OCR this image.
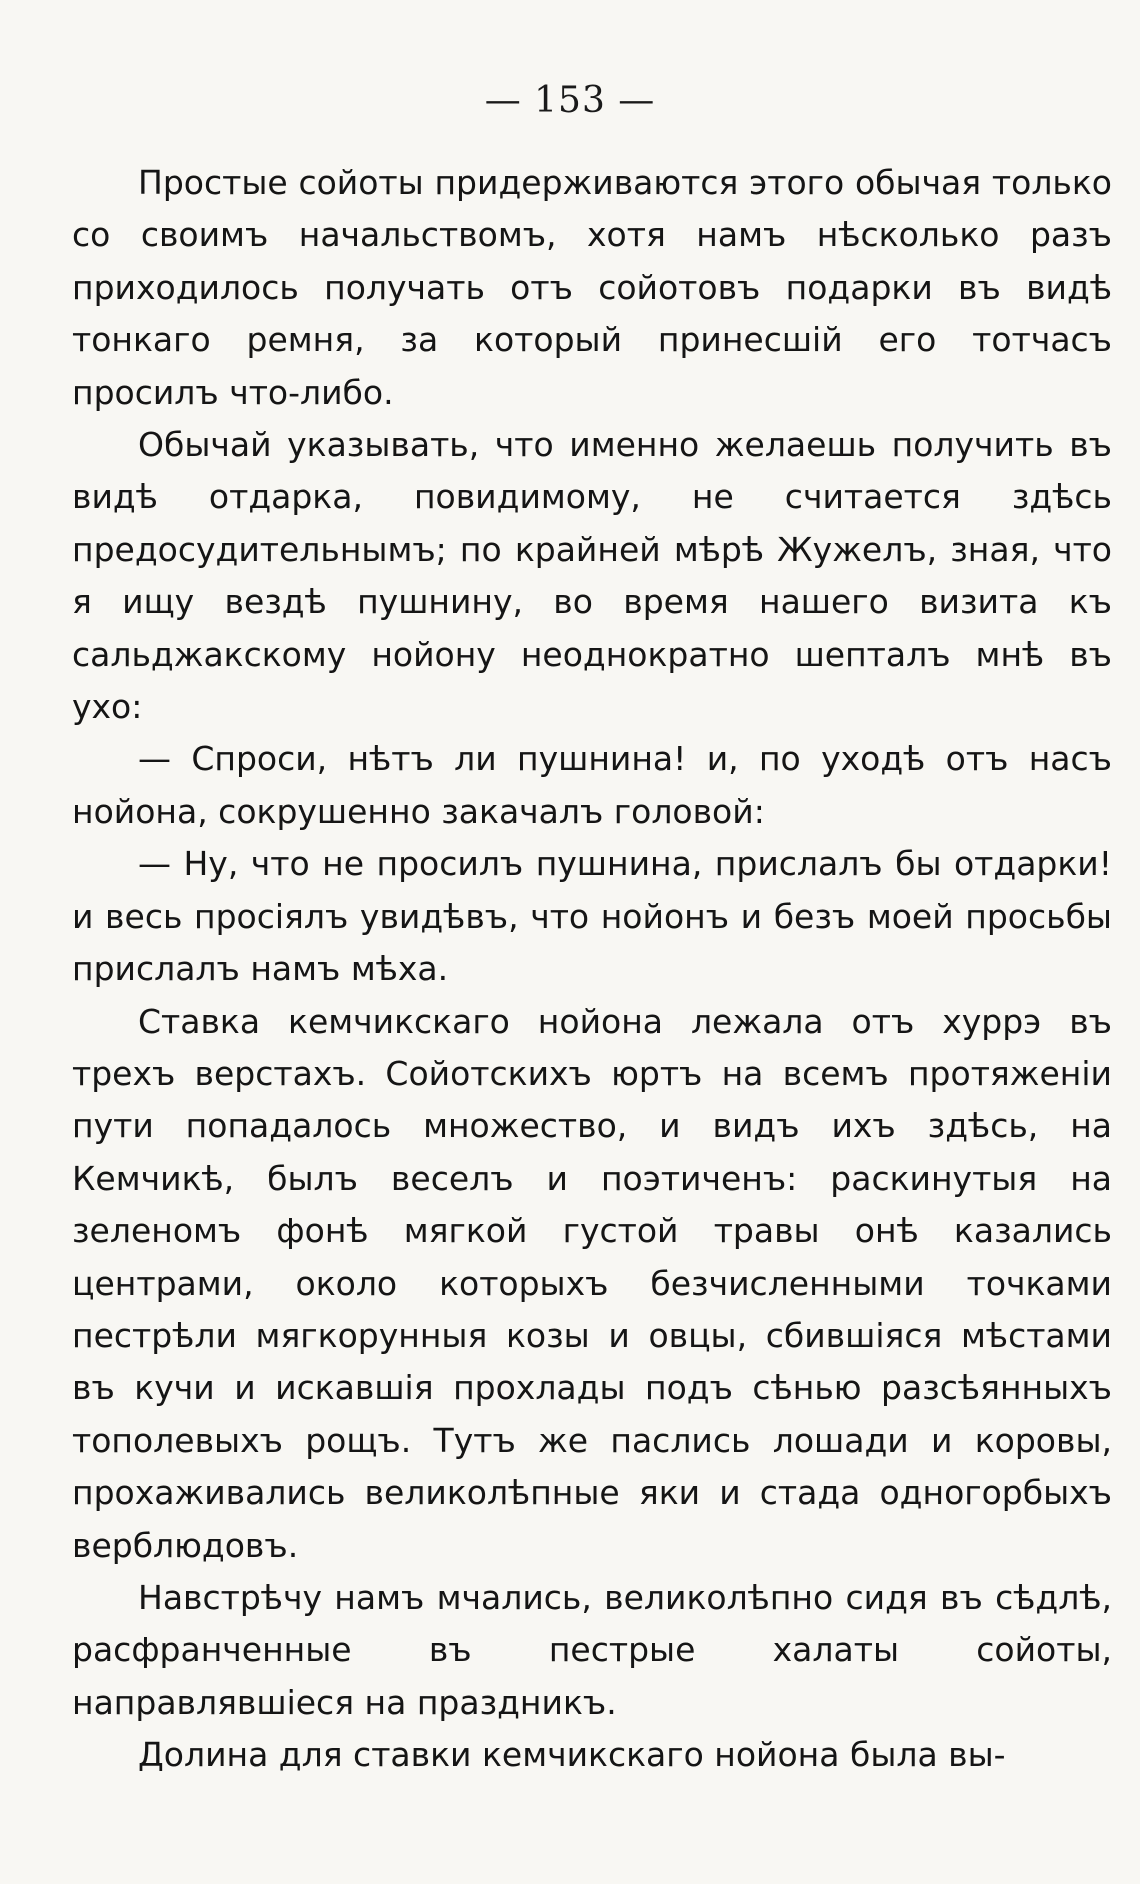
— 153 —

Простые сойоты придерживаются этого обычая только со своимъ начальствомъ, хотя намъ нѣсколько разъ приходилось получать отъ сойотовъ подарки въ видѣ тонкаго ремня, за который принесшiй его тотчасъ просилъ что-либо.

Обычай указывать, что именно желаешь получить въ видѣ отдарка, повидимому, не считается здѣсь предосудительнымъ; по крайней мѣрѣ Жужелъ, зная, что я ищу вездѣ пушнину, во время нашего визита къ сальджакскому нойону неоднократно шепталъ мнѣ въ ухо:

— Спроси, нѣтъ ли пушнина! и, по уходѣ отъ насъ нойона, сокрушенно закачалъ головой:

— Ну, что не просилъ пушнина, прислалъ бы отдарки! и весь просiялъ увидѣвъ, что нойонъ и безъ моей просьбы прислалъ намъ мѣха.

Ставка кемчикскаго нойона лежала отъ хуррэ въ трехъ верстахъ. Сойотскихъ юртъ на всемъ протяженiи пути попадалось множество, и видъ ихъ здѣсь, на Кемчикѣ, былъ веселъ и поэтиченъ: раскинутыя на зеленомъ фонѣ мягкой густой травы онѣ казались центрами, около которыхъ безчисленными точками пестрѣли мягкорунныя козы и овцы, сбившiяся мѣстами въ кучи и искавшiя прохлады подъ сѣнью разсѣянныхъ тополевыхъ рощъ. Тутъ же паслись лошади и коровы, прохаживались великолѣпные яки и стада одногорбыхъ верблюдовъ.

Навстрѣчу намъ мчались, великолѣпно сидя въ сѣдлѣ, расфранченные въ пестрые халаты сойоты, направлявшiеся на праздникъ.

Долина для ставки кемчикскаго нойона была вы-
